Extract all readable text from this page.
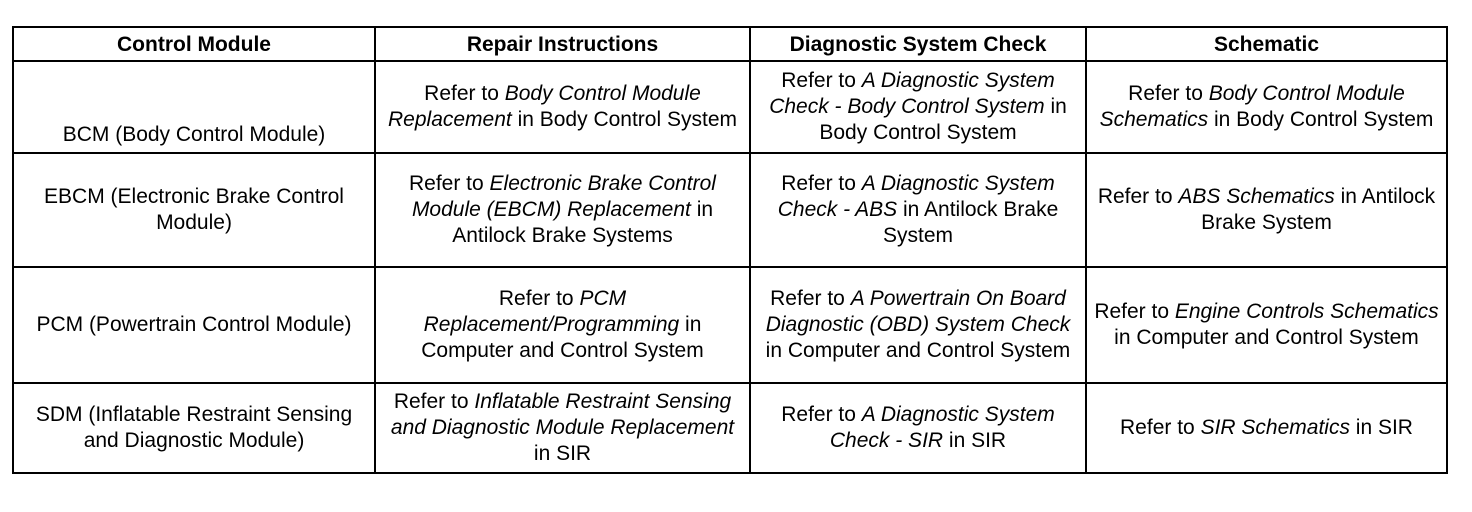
Control Module	Repair Instructions	Diagnostic System Check	Schematic
BCM (Body Control Module)	Refer to Body Control Module Replacement in Body Control System	Refer to A Diagnostic System Check - Body Control System in Body Control System	Refer to Body Control Module Schematics in Body Control System
EBCM (Electronic Brake Control Module)	Refer to Electronic Brake Control Module (EBCM) Replacement in Antilock Brake Systems	Refer to A Diagnostic System Check - ABS in Antilock Brake System	Refer to ABS Schematics in Antilock Brake System
PCM (Powertrain Control Module)	Refer to PCM Replacement/Programming in Computer and Control System	Refer to A Powertrain On Board Diagnostic (OBD) System Check in Computer and Control System	Refer to Engine Controls Schematics in Computer and Control System
SDM (Inflatable Restraint Sensing and Diagnostic Module)	Refer to Inflatable Restraint Sensing and Diagnostic Module Replacement in SIR	Refer to A Diagnostic System Check - SIR in SIR	Refer to SIR Schematics in SIR
